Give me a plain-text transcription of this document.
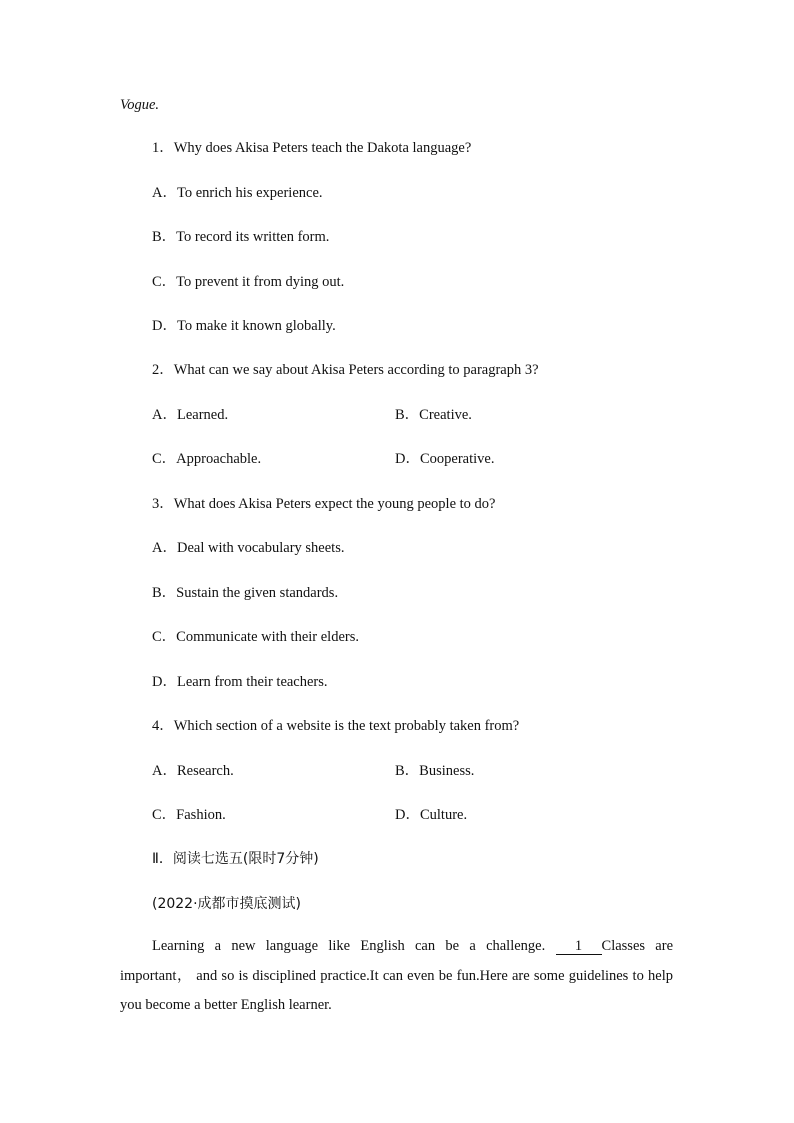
Vogue.
1．Why does Akisa Peters teach the Dakota language?
A．To enrich his experience.
B．To record its written form.
C．To prevent it from dying out.
D．To make it known globally.
2．What can we say about Akisa Peters according to paragraph 3?
A．Learned.	B．Creative.
C．Approachable.	D．Cooperative.
3．What does Akisa Peters expect the young people to do?
A．Deal with vocabulary sheets.
B．Sustain the given standards.
C．Communicate with their elders.
D．Learn from their teachers.
4．Which section of a website is the text probably taken from?
A．Research.	B．Business.
C．Fashion.	D．Culture.
Ⅱ．阅读七选五(限时7分钟)
(2022·成都市摸底测试)
Learning a new language like English can be a challenge. 1 Classes are important， and so is disciplined practice.It can even be fun.Here are some guidelines to help you become a better English learner.
